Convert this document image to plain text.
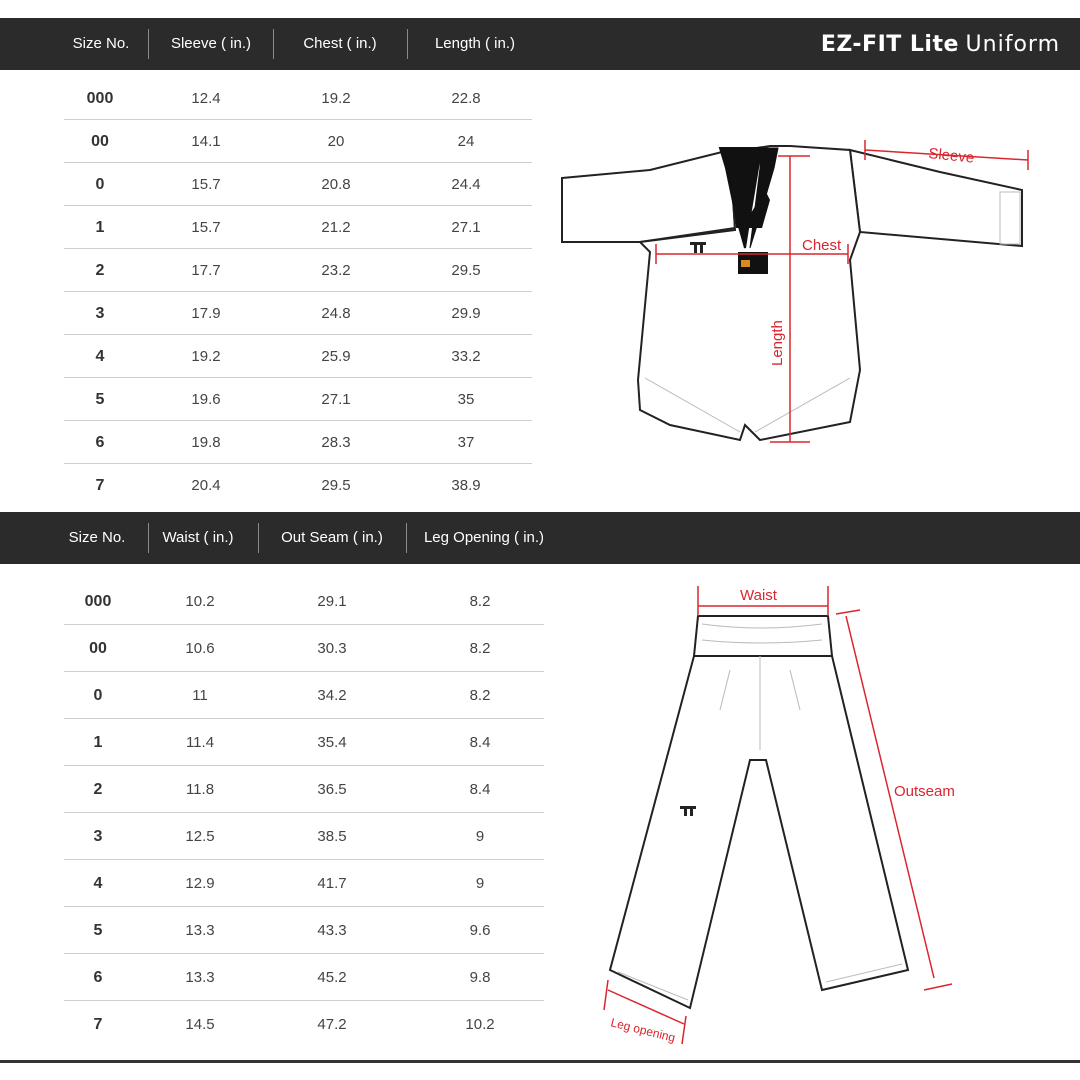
Size No.	Sleeve ( in.)	Chest ( in.)	Length ( in.)	EZ-FIT Lite Uniform
000	12.4	19.2	22.8
00	14.1	20	24
0	15.7	20.8	24.4
1	15.7	21.2	27.1
2	17.7	23.2	29.5
3	17.9	24.8	29.9
4	19.2	25.9	33.2
5	19.6	27.1	35
6	19.8	28.3	37
7	20.4	29.5	38.9
Size No.	Waist ( in.)	Out Seam ( in.)	Leg Opening ( in.)
000	10.2	29.1	8.2
00	10.6	30.3	8.2
0	11	34.2	8.2
1	11.4	35.4	8.4
2	11.8	36.5	8.4
3	12.5	38.5	9
4	12.9	41.7	9
5	13.3	43.3	9.6
6	13.3	45.2	9.8
7	14.5	47.2	10.2
Sleeve
Chest
Length
Waist
Outseam
Leg opening
